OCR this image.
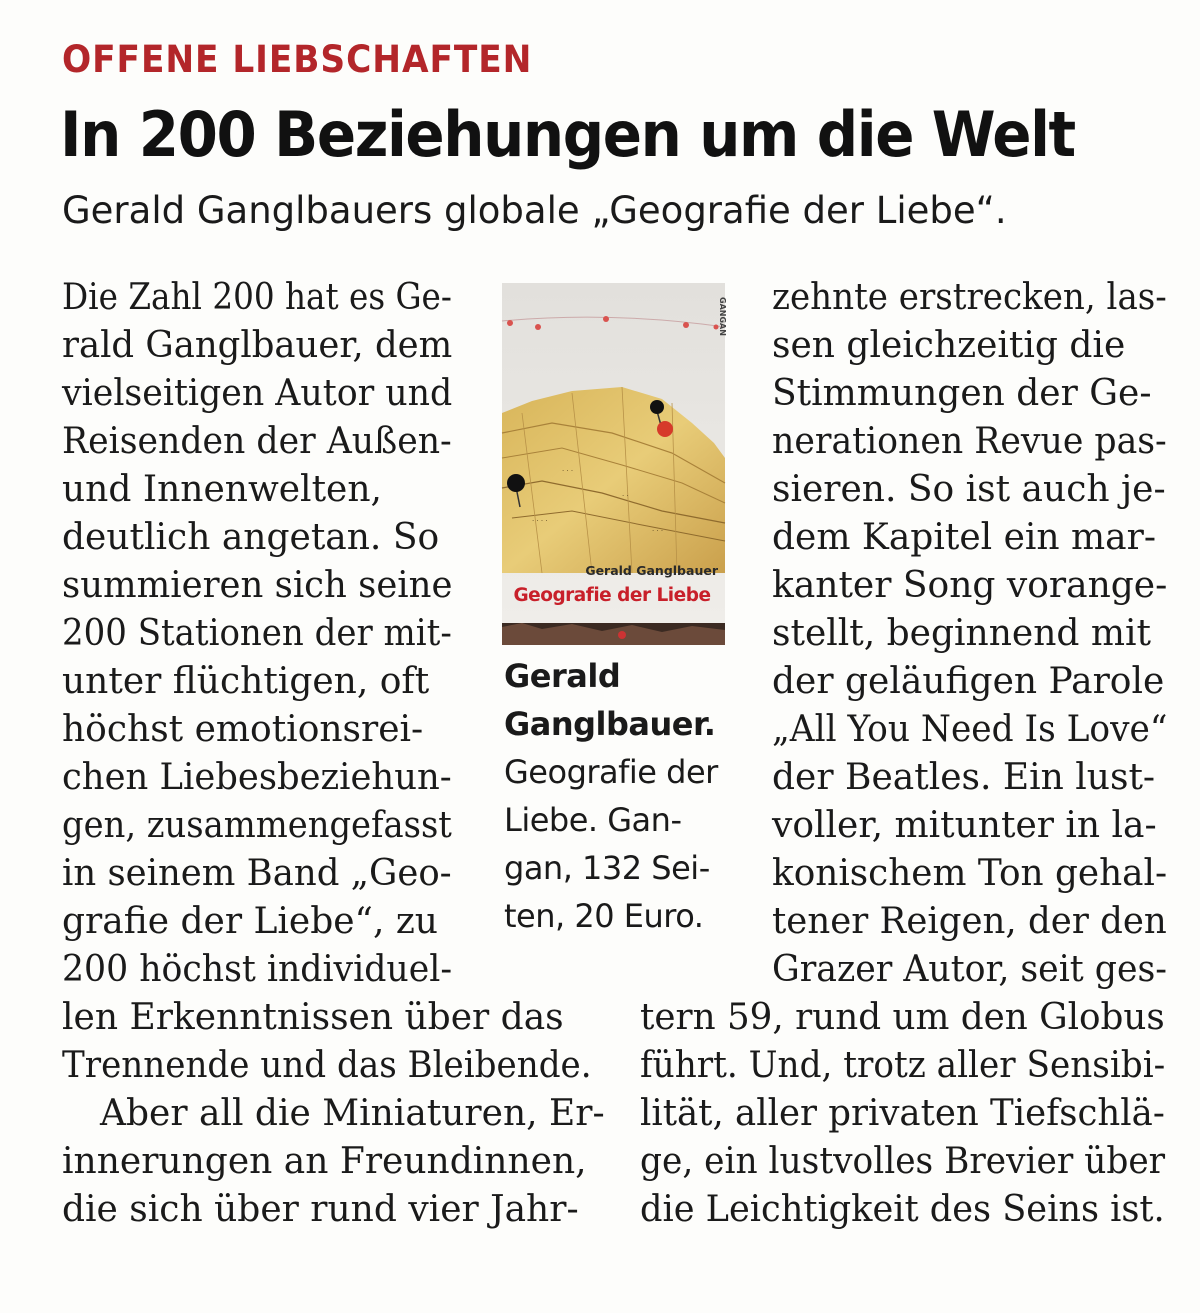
OFFENE LIEBSCHAFTEN
In 200 Beziehungen um die Welt
Gerald Ganglbauers globale „Geografie der Liebe“.
· · ·
· ·
· · · ·
· · ·
GANGAN
Gerald Ganglbauer
Geografie der Liebe
Gerald
Ganglbauer.
Geografie der
Liebe. Gan-
gan, 132 Sei-
ten, 20 Euro.
Die Zahl 200 hat es Ge-
rald Ganglbauer, dem
vielseitigen Autor und
Reisenden der Außen-
und Innenwelten,
deutlich angetan. So
summieren sich seine
200 Stationen der mit-
unter flüchtigen, oft
höchst emotionsrei-
chen Liebesbeziehun-
gen, zusammengefasst
in seinem Band „Geo-
grafie der Liebe“, zu
200 höchst individuel-
len Erkenntnissen über das
Trennende und das Bleibende.
Aber all die Miniaturen, Er-
innerungen an Freundinnen,
die sich über rund vier Jahr-
zehnte erstrecken, las-
sen gleichzeitig die
Stimmungen der Ge-
nerationen Revue pas-
sieren. So ist auch je-
dem Kapitel ein mar-
kanter Song vorange-
stellt, beginnend mit
der geläufigen Parole
„All You Need Is Love“
der Beatles. Ein lust-
voller, mitunter in la-
konischem Ton gehal-
tener Reigen, der den
Grazer Autor, seit ges-
tern 59, rund um den Globus
führt. Und, trotz aller Sensibi-
lität, aller privaten Tiefschlä-
ge, ein lustvolles Brevier über
die Leichtigkeit des Seins ist.
